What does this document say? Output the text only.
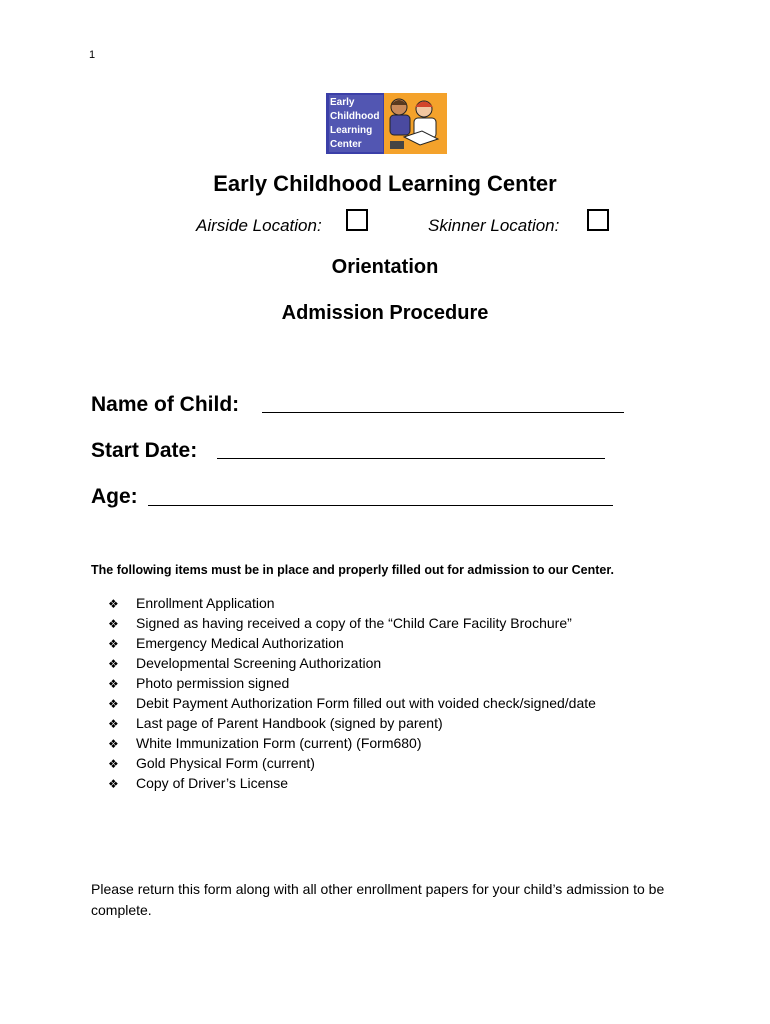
1
Early
Childhood
Learning
Center
Early Childhood Learning Center
Airside Location:	Skinner Location:
Orientation
Admission Procedure
Name of Child:
Start Date:
Age:
The following items must be in place and properly filled out for admission to our Center.
❖ Enrollment Application
❖ Signed as having received a copy of the “Child Care Facility Brochure”
❖ Emergency Medical Authorization
❖ Developmental Screening Authorization
❖ Photo permission signed
❖ Debit Payment Authorization Form filled out with voided check/signed/date
❖ Last page of Parent Handbook (signed by parent)
❖ White Immunization Form (current) (Form680)
❖ Gold Physical Form (current)
❖ Copy of Driver’s License
Please return this form along with all other enrollment papers for your child’s admission to be complete.
